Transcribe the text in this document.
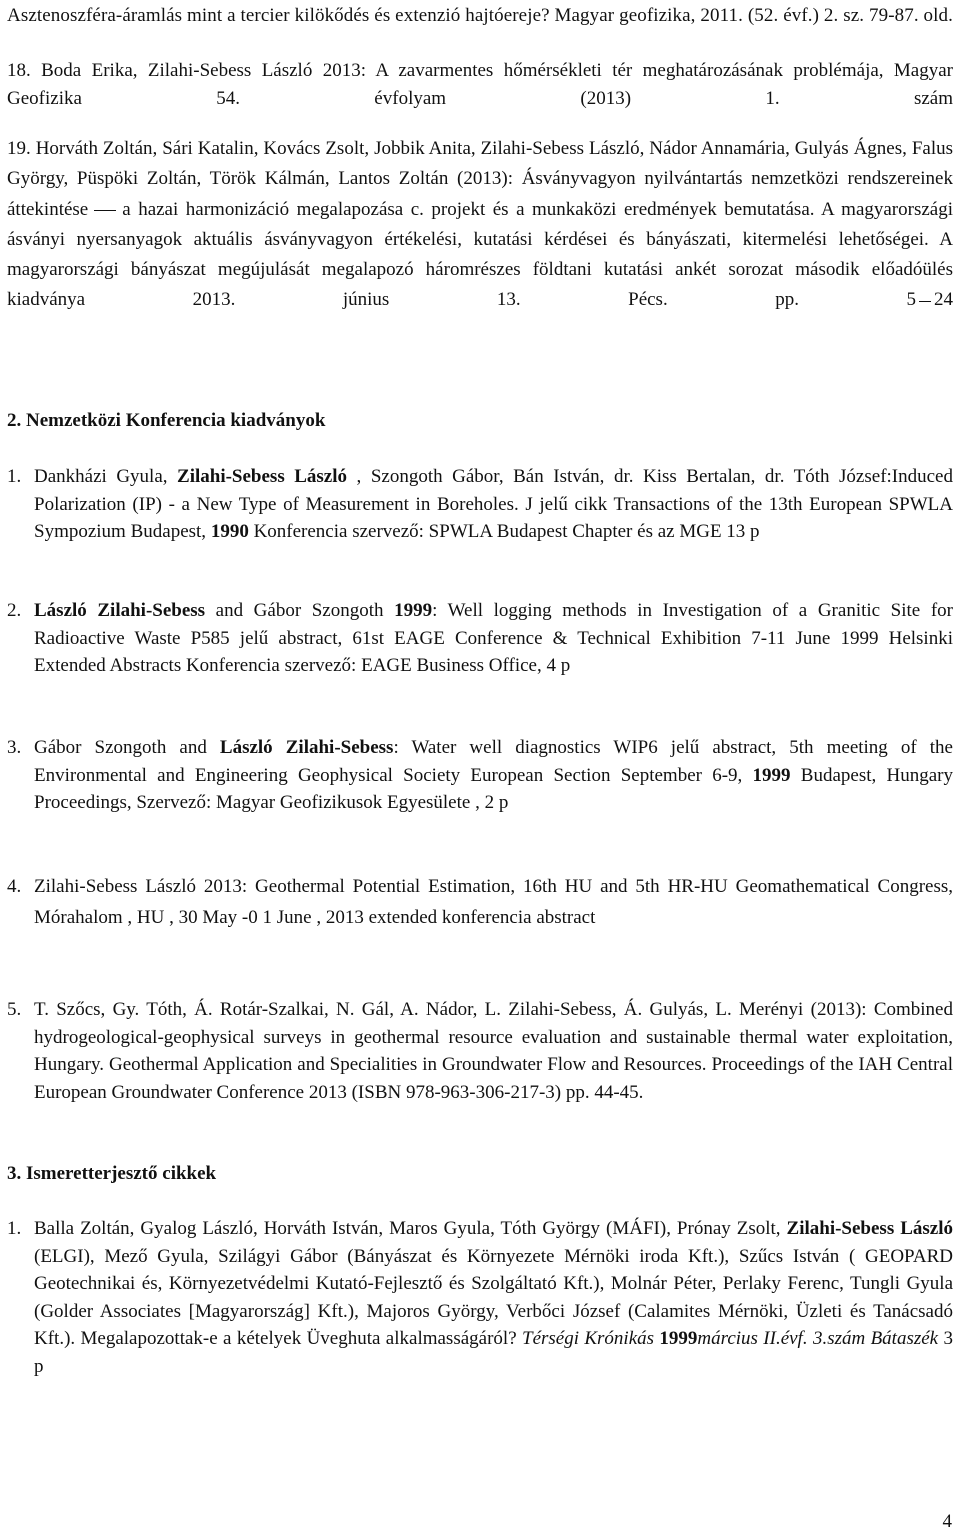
Asztenoszféra-áramlás mint a tercier kilökődés és extenzió hajtóereje? Magyar geofizika, 2011. (52. évf.) 2. sz. 79-87. old.

18. Boda Erika, Zilahi-Sebess László 2013: A zavarmentes hőmérsékleti tér meghatározásának problémája, Magyar Geofizika 54. évfolyam (2013) 1. szám

19. Horváth Zoltán, Sári Katalin, Kovács Zsolt, Jobbik Anita, Zilahi-Sebess László, Nádor Annamária, Gulyás Ágnes, Falus György, Püspöki Zoltán, Török Kálmán, Lantos Zoltán (2013): Ásványvagyon nyilvántartás nemzetközi rendszereinek áttekintése a hazai harmonizáció megalapozása c. projekt és a munkaközi eredmények bemutatása. A magyarországi ásványi nyersanyagok aktuális ásványvagyon értékelési, kutatási kérdései és bányászati, kitermelési lehetőségei. A magyarországi bányászat megújulását megalapozó háromrészes földtani kutatási ankét sorozat második előadóülés kiadványa 2013. június 13. Pécs. pp. 5 24

2. Nemzetközi Konferencia kiadványok
1. Dankházi Gyula, Zilahi-Sebess László , Szongoth Gábor, Bán István, dr. Kiss Bertalan, dr. Tóth József:Induced Polarization (IP) - a New Type of Measurement in Boreholes. J jelű cikk Transactions of the 13th European SPWLA Sympozium Budapest, 1990 Konferencia szervező: SPWLA Budapest Chapter és az MGE 13 p
2. László Zilahi-Sebess and Gábor Szongoth 1999: Well logging methods in Investigation of a Granitic Site for Radioactive Waste P585 jelű abstract, 61st EAGE Conference & Technical Exhibition 7-11 June 1999 Helsinki Extended Abstracts Konferencia szervező: EAGE Business Office, 4 p
3. Gábor Szongoth and László Zilahi-Sebess: Water well diagnostics WIP6 jelű abstract, 5th meeting of the Environmental and Engineering Geophysical Society European Section September 6-9, 1999 Budapest, Hungary Proceedings, Szervező: Magyar Geofizikusok Egyesülete , 2 p
4. Zilahi-Sebess László 2013: Geothermal Potential Estimation, 16th HU and 5th HR-HU Geomathematical Congress, Mórahalom , HU , 30 May -0 1 June , 2013 extended konferencia abstract
5. T. Szőcs, Gy. Tóth, Á. Rotár-Szalkai, N. Gál, A. Nádor, L. Zilahi-Sebess, Á. Gulyás, L. Merényi (2013): Combined hydrogeological-geophysical surveys in geothermal resource evaluation and sustainable thermal water exploitation, Hungary. Geothermal Application and Specialities in Groundwater Flow and Resources. Proceedings of the IAH Central European Groundwater Conference 2013 (ISBN 978-963-306-217-3) pp. 44-45.
3. Ismeretterjesztő cikkek
1. Balla Zoltán, Gyalog László, Horváth István, Maros Gyula, Tóth György (MÁFI), Prónay Zsolt, Zilahi-Sebess László (ELGI), Mező Gyula, Szilágyi Gábor (Bányászat és Környezete Mérnöki iroda Kft.), Szűcs István ( GEOPARD Geotechnikai és, Környezetvédelmi Kutató-Fejlesztő és Szolgáltató Kft.), Molnár Péter, Perlaky Ferenc, Tungli Gyula (Golder Associates [Magyarország] Kft.), Majoros György, Verbőci József (Calamites Mérnöki, Üzleti és Tanácsadó Kft.). Megalapozottak-e a kételyek Üveghuta alkalmasságáról? Térségi Krónikás 1999március II.évf. 3.szám Bátaszék 3 p
4
